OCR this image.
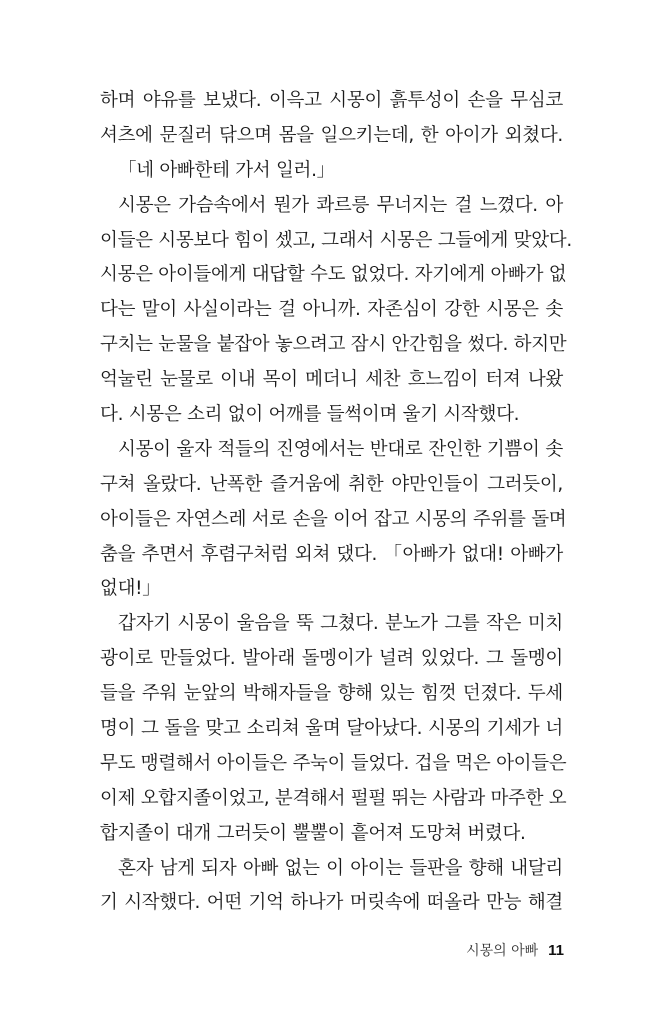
하며 야유를 보냈다. 이윽고 시몽이 흙투성이 손을 무심코
셔츠에 문질러 닦으며 몸을 일으키는데, 한 아이가 외쳤다.
「네 아빠한테 가서 일러.」
시몽은 가슴속에서 뭔가 콰르릉 무너지는 걸 느꼈다. 아
이들은 시몽보다 힘이 셌고, 그래서 시몽은 그들에게 맞았다.
시몽은 아이들에게 대답할 수도 없었다. 자기에게 아빠가 없
다는 말이 사실이라는 걸 아니까. 자존심이 강한 시몽은 솟
구치는 눈물을 붙잡아 놓으려고 잠시 안간힘을 썼다. 하지만
억눌린 눈물로 이내 목이 메더니 세찬 흐느낌이 터져 나왔
다. 시몽은 소리 없이 어깨를 들썩이며 울기 시작했다.
시몽이 울자 적들의 진영에서는 반대로 잔인한 기쁨이 솟
구쳐 올랐다. 난폭한 즐거움에 취한 야만인들이 그러듯이,
아이들은 자연스레 서로 손을 이어 잡고 시몽의 주위를 돌며
춤을 추면서 후렴구처럼 외쳐 댔다. 「아빠가 없대! 아빠가
없대!」
갑자기 시몽이 울음을 뚝 그쳤다. 분노가 그를 작은 미치
광이로 만들었다. 발아래 돌멩이가 널려 있었다. 그 돌멩이
들을 주워 눈앞의 박해자들을 향해 있는 힘껏 던졌다. 두세
명이 그 돌을 맞고 소리쳐 울며 달아났다. 시몽의 기세가 너
무도 맹렬해서 아이들은 주눅이 들었다. 겁을 먹은 아이들은
이제 오합지졸이었고, 분격해서 펄펄 뛰는 사람과 마주한 오
합지졸이 대개 그러듯이 뿔뿔이 흩어져 도망쳐 버렸다.
혼자 남게 되자 아빠 없는 이 아이는 들판을 향해 내달리
기 시작했다. 어떤 기억 하나가 머릿속에 떠올라 만능 해결
시몽의 아빠 11
